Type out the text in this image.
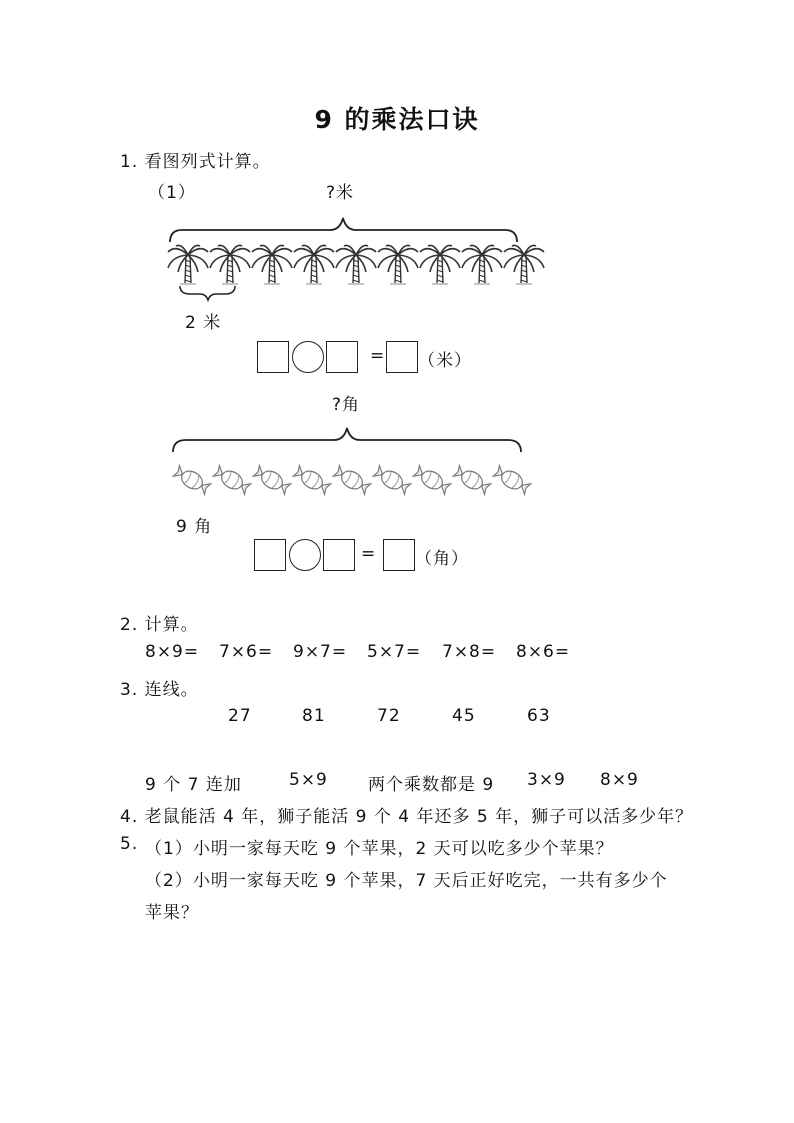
9 的乘法口诀
1. 看图列式计算。
（1）	?米
2 米
= （米）
?角
9 角
= （角）
2. 计算。
8×9= 7×6= 9×7= 5×7= 7×8= 8×6=
3. 连线。
27	81	72	45	63
9 个 7 连加	5×9 两个乘数都是 9 3×9 8×9
4. 老鼠能活 4 年，狮子能活 9 个 4 年还多 5 年，狮子可以活多少年？
5. （1）小明一家每天吃 9 个苹果，2 天可以吃多少个苹果？
（2）小明一家每天吃 9 个苹果，7 天后正好吃完，一共有多少个
苹果？
